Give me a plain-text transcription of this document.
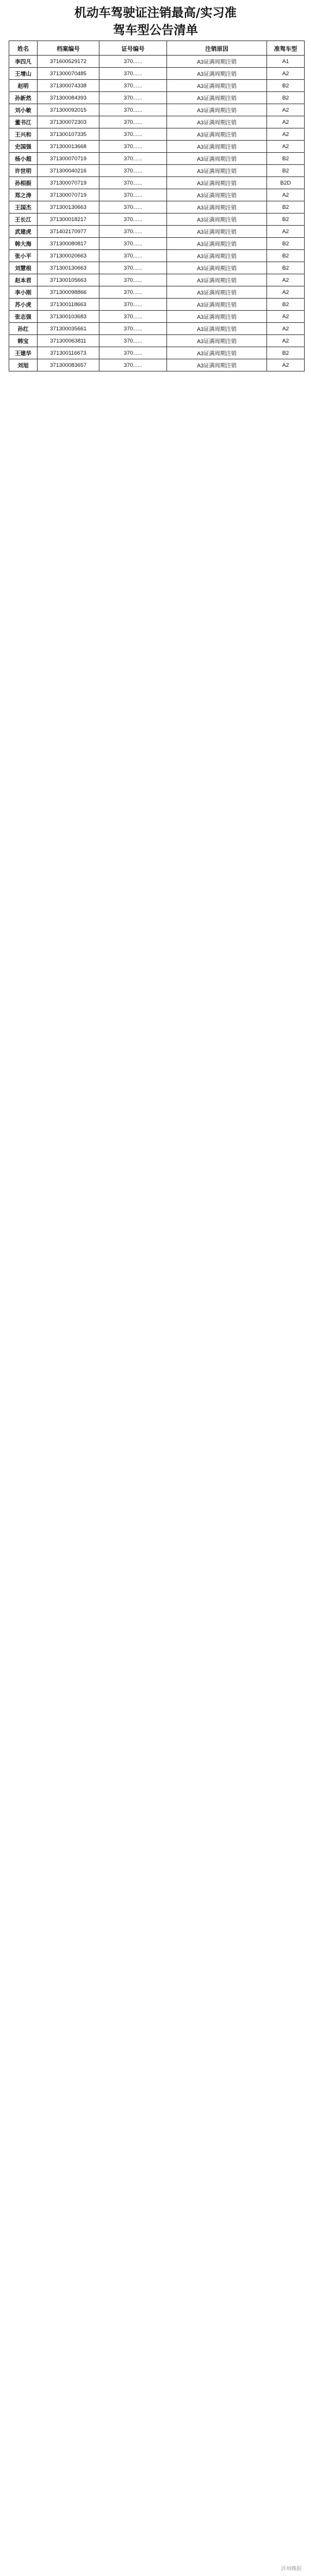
机动车驾驶证注销最高/实习准
驾车型公告清单
姓名	档案编号	证号编号	注销原因	准驾车型
李四凡	371600529172	370......	A3证满周期注销	A1
王增山	371300070485	370......	A3证满周期注销	A2
赵明	371300074338	370......	A3证满周期注销	B2
孙新然	371300084393	370......	A3证满周期注销	B2
刘小敏	371300092015	370......	A3证满周期注销	A2
董书江	371300072303	370......	A3证满周期注销	A2
王兴和	371300107335	370......	A3证满周期注销	A2
史国强	371300013668	370......	A3证满周期注销	A2
杨小超	371300070719	370......	A3证满周期注销	B2
许世明	371300040216	370......	A3证满周期注销	B2
孙相振	371300070719	370......	A3证满周期注销	B2D
郑之涛	371300070719	370......	A3证满周期注销	A2
王国杰	371300130663	370......	A3证满周期注销	B2
王长江	371300018217	370......	A3证满周期注销	B2
武建虎	371402170977	370......	A3证满周期注销	A2
韩大海	371300080817	370......	A3证满周期注销	B2
张小平	371300020663	370......	A3证满周期注销	B2
刘慧根	371300130663	370......	A3证满周期注销	B2
赵本君	371300105663	370......	A3证满周期注销	A2
李小刚	371300098866	370......	A3证满周期注销	A2
苏小虎	371300118663	370......	A3证满周期注销	B2
张志强	371300103683	370......	A3证满周期注销	A2
孙红	371300035661	370......	A3证满周期注销	A2
韩宝	371300063811	370......	A3证满周期注销	A2
王建华	371300116673	370......	A3证满周期注销	B2
刘旭	371300083657	370......	A3证满周期注销	A2
沂州晚报
